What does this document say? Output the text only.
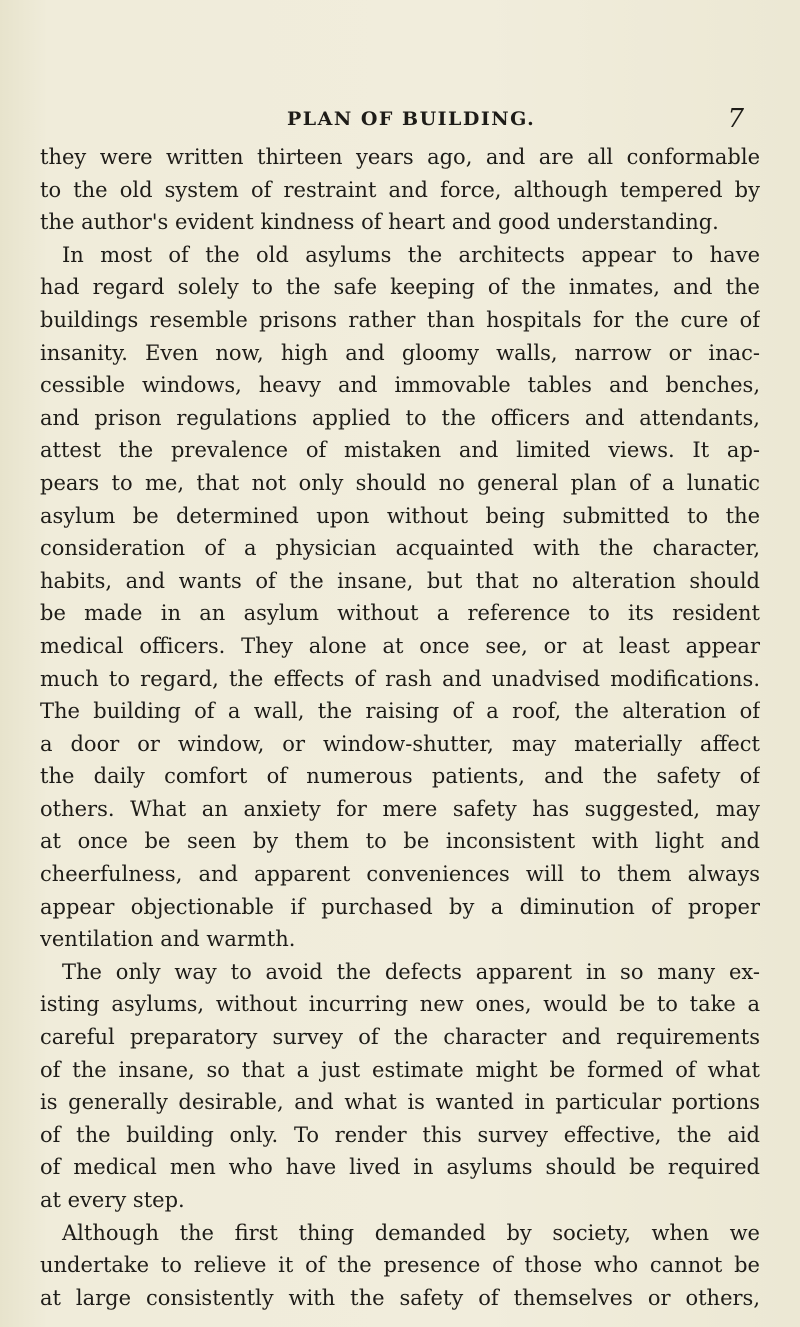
PLAN OF BUILDING.	7
they were written thirteen years ago, and are all conformable
to the old system of restraint and force, although tempered by
the author's evident kindness of heart and good understanding.
In most of the old asylums the architects appear to have
had regard solely to the safe keeping of the inmates, and the
buildings resemble prisons rather than hospitals for the cure of
insanity. Even now, high and gloomy walls, narrow or inac-
cessible windows, heavy and immovable tables and benches,
and prison regulations applied to the officers and attendants,
attest the prevalence of mistaken and limited views. It ap-
pears to me, that not only should no general plan of a lunatic
asylum be determined upon without being submitted to the
consideration of a physician acquainted with the character,
habits, and wants of the insane, but that no alteration should
be made in an asylum without a reference to its resident
medical officers. They alone at once see, or at least appear
much to regard, the effects of rash and unadvised modifications.
The building of a wall, the raising of a roof, the alteration of
a door or window, or window-shutter, may materially affect
the daily comfort of numerous patients, and the safety of
others. What an anxiety for mere safety has suggested, may
at once be seen by them to be inconsistent with light and
cheerfulness, and apparent conveniences will to them always
appear objectionable if purchased by a diminution of proper
ventilation and warmth.
The only way to avoid the defects apparent in so many ex-
isting asylums, without incurring new ones, would be to take a
careful preparatory survey of the character and requirements
of the insane, so that a just estimate might be formed of what
is generally desirable, and what is wanted in particular portions
of the building only. To render this survey effective, the aid
of medical men who have lived in asylums should be required
at every step.
Although the first thing demanded by society, when we
undertake to relieve it of the presence of those who cannot be
at large consistently with the safety of themselves or others,
